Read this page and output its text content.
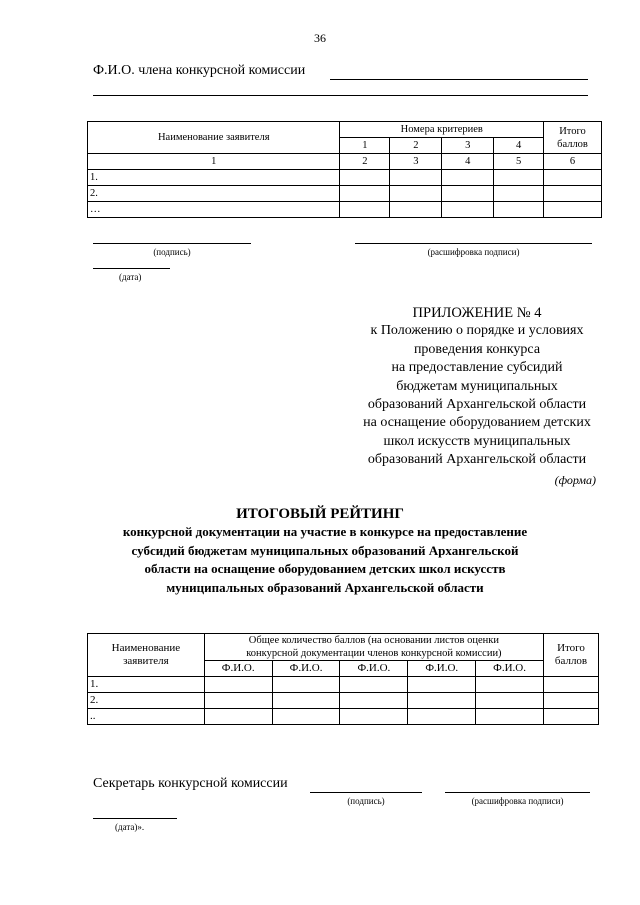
36
Ф.И.О. члена конкурсной комиссии
Наименование заявителя	Номера критериев				Итого
баллов
	1	2	3	4	
1	2	3	4	5	6
1.					
2.					
…					
(подпись)	(расшифровка подписи)
(дата)
ПРИЛОЖЕНИЕ № 4
к Положению о порядке и условиях
проведения конкурса
на предоставление субсидий
бюджетам муниципальных
образований Архангельской области
на оснащение оборудованием детских
школ искусств муниципальных
образований Архангельской области
(форма)
ИТОГОВЫЙ РЕЙТИНГ
конкурсной документации на участие в конкурсе на предоставление
субсидий бюджетам муниципальных образований Архангельской
области на оснащение оборудованием детских школ искусств
муниципальных образований Архангельской области
Наименование
заявителя	Общее количество баллов (на основании листов оценки
конкурсной документации членов конкурсной комиссии)					Итого
баллов
	Ф.И.О.	Ф.И.О.	Ф.И.О.	Ф.И.О.	Ф.И.О.	
1.						
2.						
..						
Секретарь конкурсной комиссии
(подпись)	(расшифровка подписи)
(дата)».
